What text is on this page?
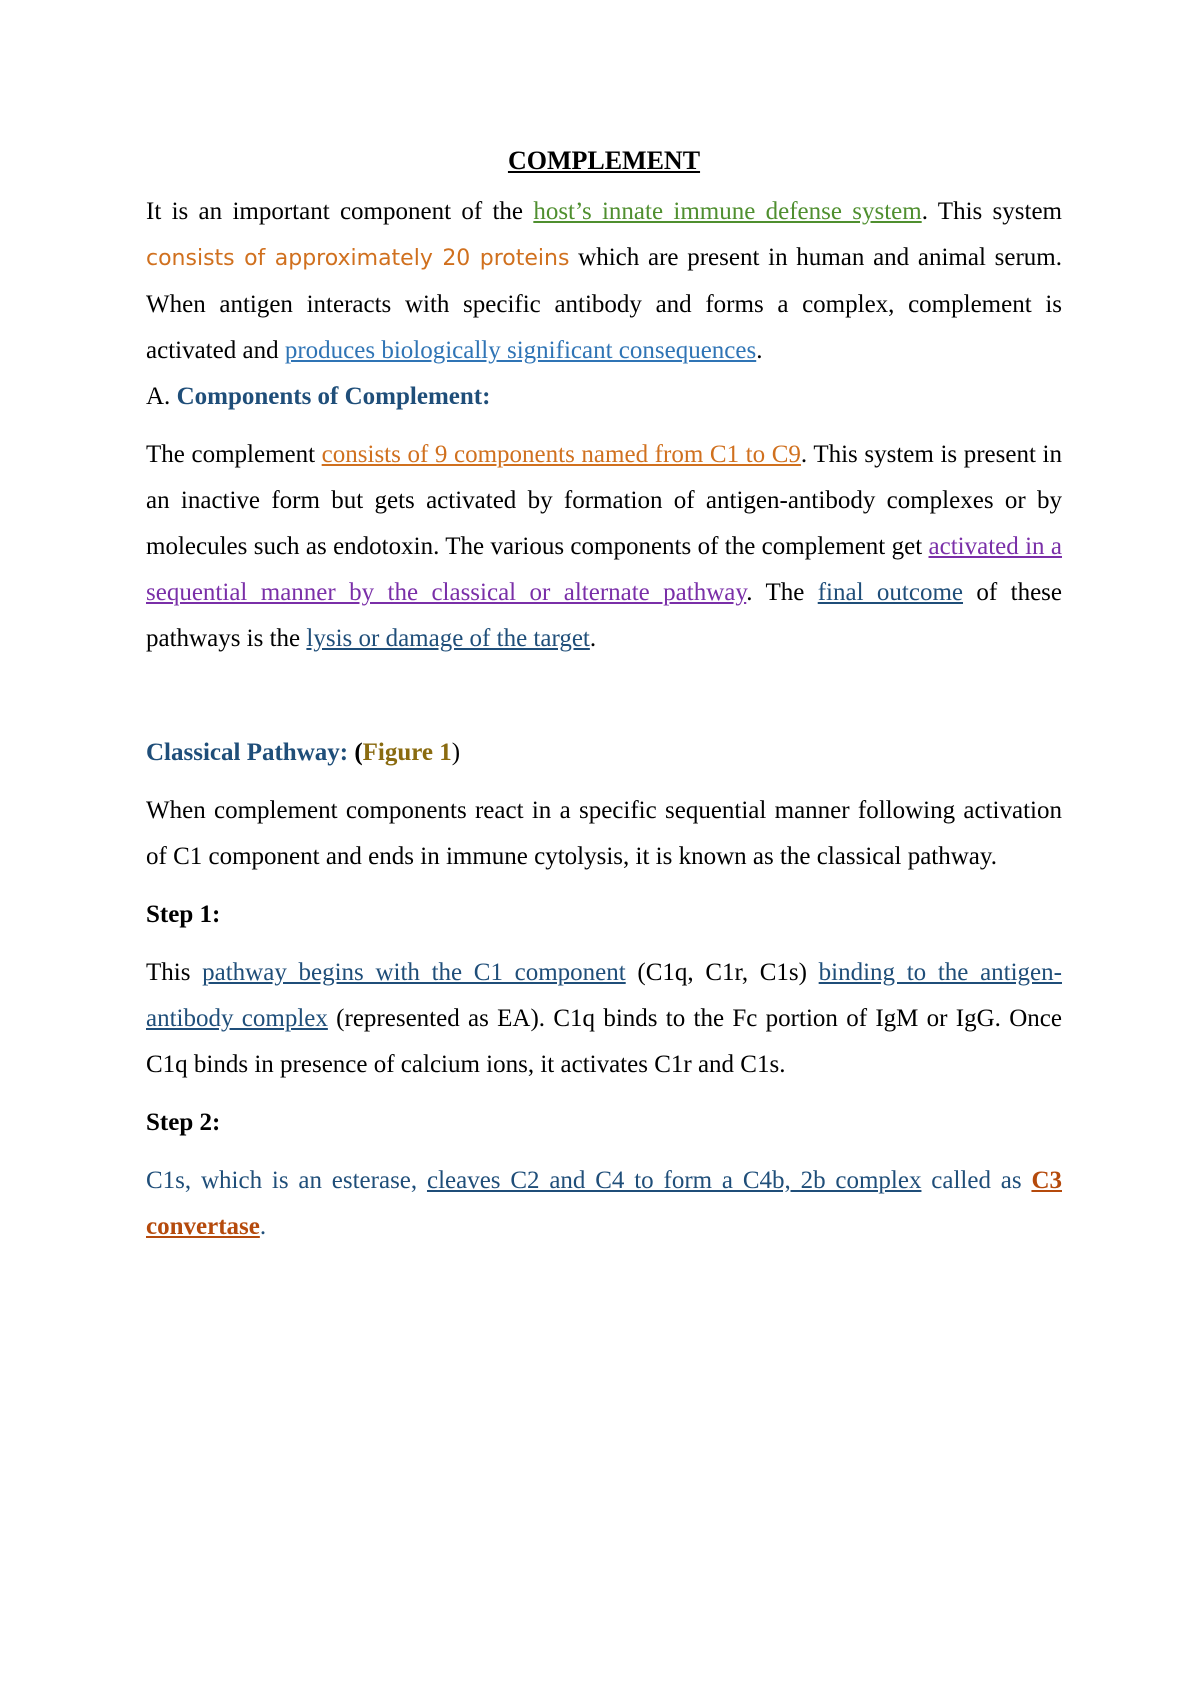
COMPLEMENT

It is an important component of the host’s innate immune defense system. This system consists of approximately 20 proteins which are present in human and animal serum. When antigen interacts with specific antibody and forms a complex, complement is activated and produces biologically significant consequences.

A. Components of Complement:

The complement consists of 9 components named from C1 to C9. This system is present in an inactive form but gets activated by formation of antigen-antibody complexes or by molecules such as endotoxin. The various components of the complement get activated in a sequential manner by the classical or alternate pathway. The final outcome of these pathways is the lysis or damage of the target.

Classical Pathway: (Figure 1)

When complement components react in a specific sequential manner following activation of C1 component and ends in immune cytolysis, it is known as the classical pathway.

Step 1:

This pathway begins with the C1 component (C1q, C1r, C1s) binding to the antigen-antibody complex (represented as EA). C1q binds to the Fc portion of IgM or IgG. Once C1q binds in presence of calcium ions, it activates C1r and C1s.

Step 2:

C1s, which is an esterase, cleaves C2 and C4 to form a C4b, 2b complex called as C3 convertase.
